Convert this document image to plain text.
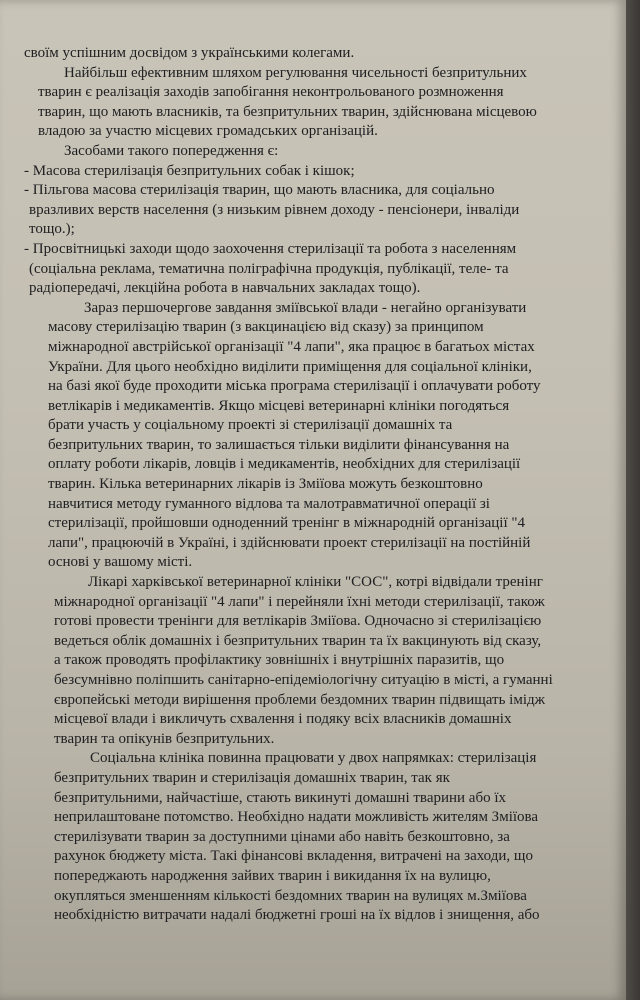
своїм успішним досвідом з українськими колегами.
Найбільш ефективним шляхом регулювання чисельності безпритульних
тварин є реалізація заходів запобігання неконтрольованого розмноження
тварин, що мають власників, та безпритульних тварин, здійснювана місцевою
владою за участю місцевих громадських організацій.
Засобами такого попередження є:
- Масова стерилізація безпритульних собак і кішок;
- Пільгова масова стерилізація тварин, що мають власника, для соціально
вразливих верств населення (з низьким рівнем доходу - пенсіонери, інваліди
тощо.);
- Просвітницькі заходи щодо заохочення стерилізації та робота з населенням
(соціальна реклама, тематична поліграфічна продукція, публікації, теле- та
радіопередачі, лекційна робота в навчальних закладах тощо).
Зараз першочергове завдання зміївської влади - негайно організувати
масову стерилізацію тварин (з вакцинацією від сказу) за принципом
міжнародної австрійської організації "4 лапи", яка працює в багатьох містах
України. Для цього необхідно виділити приміщення для соціальної клініки,
на базі якої буде проходити міська програма стерилізації і оплачувати роботу
ветлікарів і медикаментів. Якщо місцеві ветеринарні клініки погодяться
брати участь у соціальному проекті зі стерилізації домашніх та
безпритульних тварин, то залишається тільки виділити фінансування на
оплату роботи лікарів, ловців і медикаментів, необхідних для стерилізації
тварин. Кілька ветеринарних лікарів із Зміїова можуть безкоштовно
навчитися методу гуманного відлова та малотравматичної операції зі
стерилізації, пройшовши одноденний тренінг в міжнародній організації "4
лапи", працюючій в Україні, і здійснювати проект стерилізації на постійній
основі у вашому місті.
Лікарі харківської ветеринарної клініки "СОС", котрі відвідали тренінг
міжнародної організації "4 лапи" і перейняли їхні методи стерилізації, також
готові провести тренінги для ветлікарів Зміїова. Одночасно зі стерилізацією
ведеться облік домашніх і безпритульних тварин та їх вакцинують від сказу,
а також проводять профілактику зовнішніх і внутрішніх паразитів, що
безсумнівно поліпшить санітарно-епідеміологічну ситуацію в місті, а гуманні
європейські методи вирішення проблеми бездомних тварин підвищать імідж
місцевої влади і викличуть схвалення і подяку всіх власників домашніх
тварин та опікунів безпритульних.
Соціальна клініка повинна працювати у двох напрямках: стерилізація
безпритульних тварин и стерилізація домашніх тварин, так як
безпритульними, найчастіше, стають викинуті домашні тварини або їх
неприлаштоване потомство. Необхідно надати можливість жителям Зміїова
стерилізувати тварин за доступними цінами або навіть безкоштовно, за
рахунок бюджету міста. Такі фінансові вкладення, витрачені на заходи, що
попереджають народження зайвих тварин і викидання їх на вулицю,
окупляться зменшенням кількості бездомних тварин на вулицях м.Зміїова
необхідністю витрачати надалі бюджетні гроші на їх відлов і знищення, або
